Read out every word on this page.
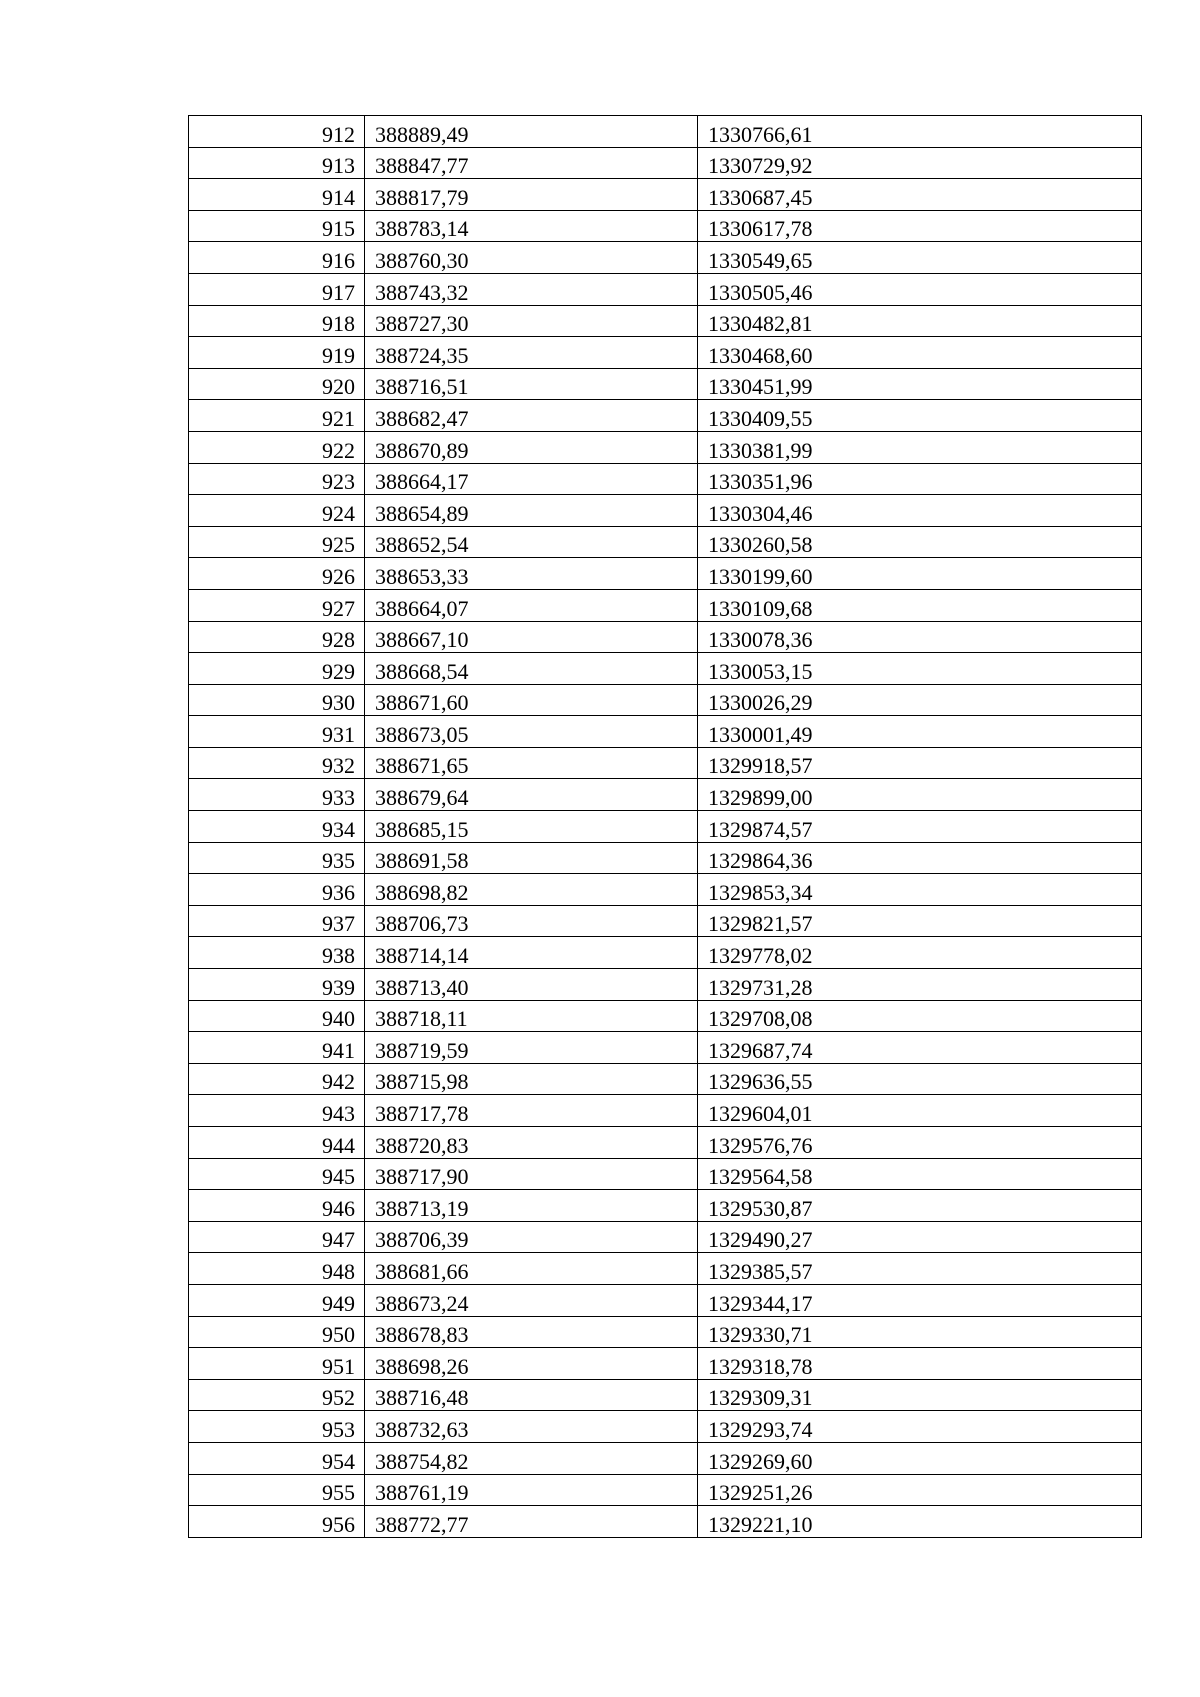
912	388889,49	1330766,61
913	388847,77	1330729,92
914	388817,79	1330687,45
915	388783,14	1330617,78
916	388760,30	1330549,65
917	388743,32	1330505,46
918	388727,30	1330482,81
919	388724,35	1330468,60
920	388716,51	1330451,99
921	388682,47	1330409,55
922	388670,89	1330381,99
923	388664,17	1330351,96
924	388654,89	1330304,46
925	388652,54	1330260,58
926	388653,33	1330199,60
927	388664,07	1330109,68
928	388667,10	1330078,36
929	388668,54	1330053,15
930	388671,60	1330026,29
931	388673,05	1330001,49
932	388671,65	1329918,57
933	388679,64	1329899,00
934	388685,15	1329874,57
935	388691,58	1329864,36
936	388698,82	1329853,34
937	388706,73	1329821,57
938	388714,14	1329778,02
939	388713,40	1329731,28
940	388718,11	1329708,08
941	388719,59	1329687,74
942	388715,98	1329636,55
943	388717,78	1329604,01
944	388720,83	1329576,76
945	388717,90	1329564,58
946	388713,19	1329530,87
947	388706,39	1329490,27
948	388681,66	1329385,57
949	388673,24	1329344,17
950	388678,83	1329330,71
951	388698,26	1329318,78
952	388716,48	1329309,31
953	388732,63	1329293,74
954	388754,82	1329269,60
955	388761,19	1329251,26
956	388772,77	1329221,10
